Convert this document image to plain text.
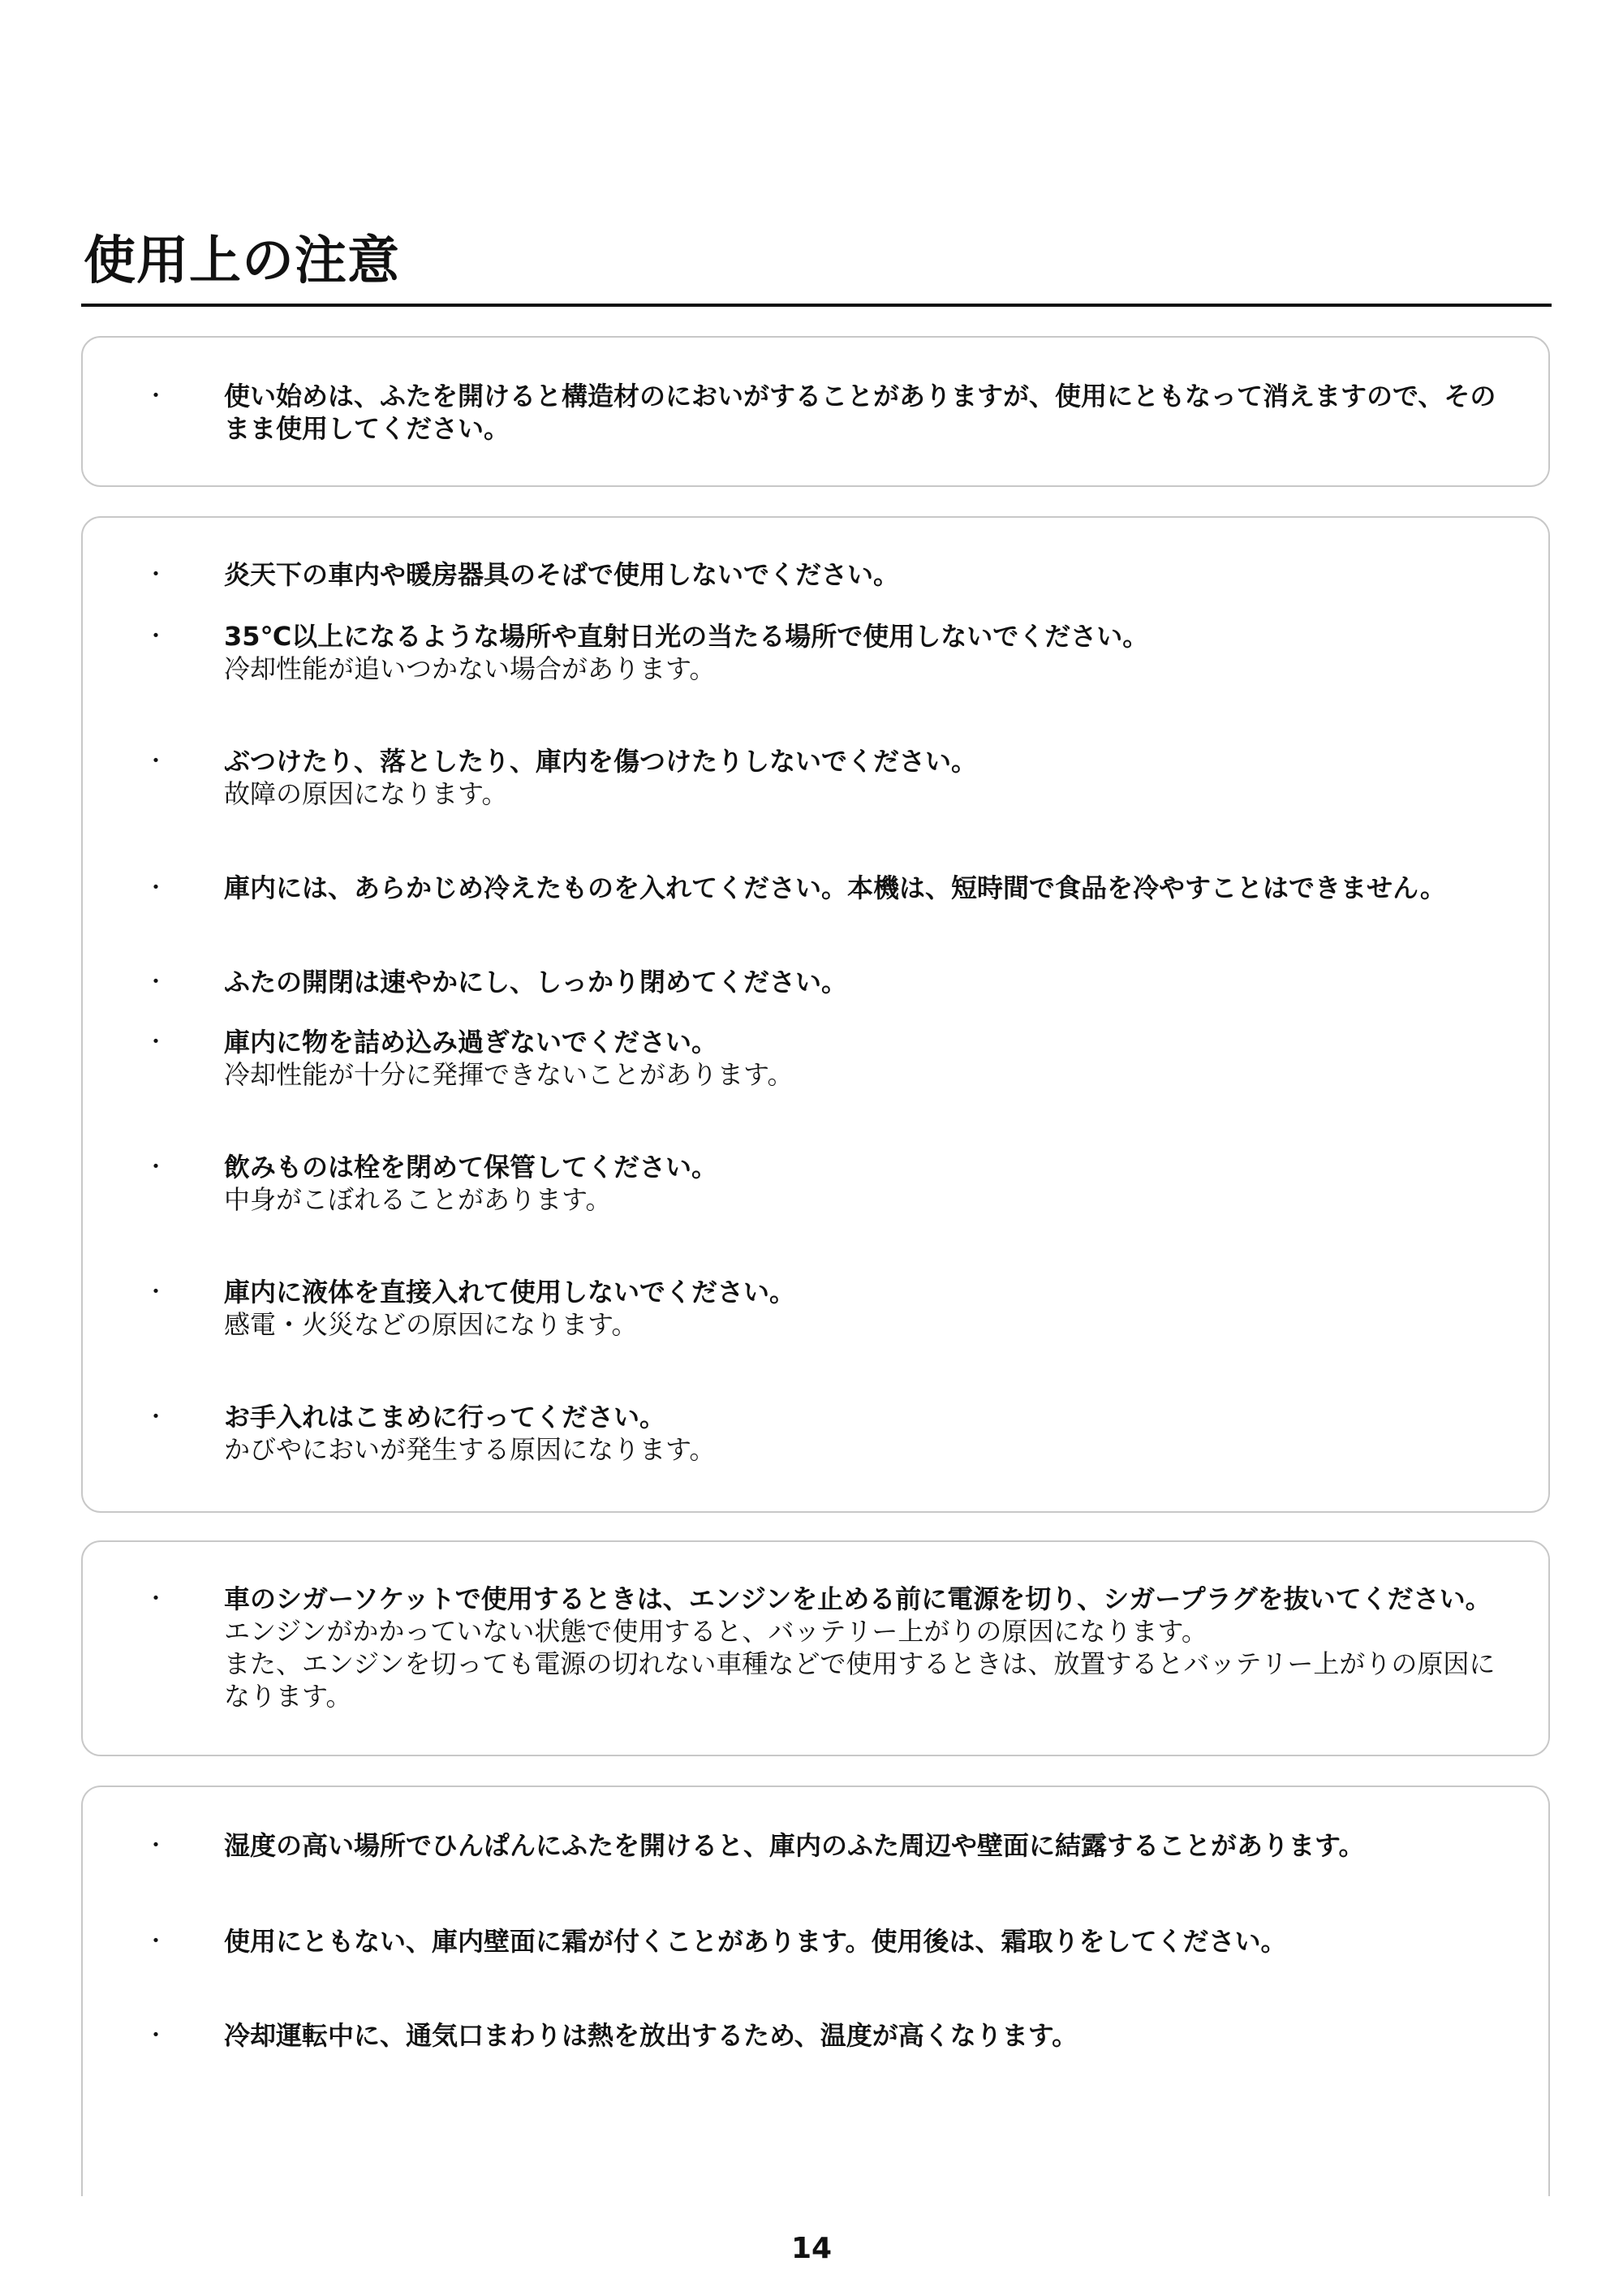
使用上の注意
・ 使い始めは、ふたを開けると構造材のにおいがすることがありますが、使用にともなって消えますので、そのまま使用してください。
・ 炎天下の車内や暖房器具のそばで使用しないでください。
・ 35℃以上になるような場所や直射日光の当たる場所で使用しないでください。
冷却性能が追いつかない場合があります。
・ ぶつけたり、落としたり、庫内を傷つけたりしないでください。
故障の原因になります。
・ 庫内には、あらかじめ冷えたものを入れてください。本機は、短時間で食品を冷やすことはできません。
・ ふたの開閉は速やかにし、しっかり閉めてください。
・ 庫内に物を詰め込み過ぎないでください。
冷却性能が十分に発揮できないことがあります。
・ 飲みものは栓を閉めて保管してください。
中身がこぼれることがあります。
・ 庫内に液体を直接入れて使用しないでください。
感電・火災などの原因になります。
・ お手入れはこまめに行ってください。
かびやにおいが発生する原因になります。
・ 車のシガーソケットで使用するときは、エンジンを止める前に電源を切り、シガープラグを抜いてください。
エンジンがかかっていない状態で使用すると、バッテリー上がりの原因になります。
また、エンジンを切っても電源の切れない車種などで使用するときは、放置するとバッテリー上がりの原因になります。
・ 湿度の高い場所でひんぱんにふたを開けると、庫内のふた周辺や壁面に結露することがあります。
・ 使用にともない、庫内壁面に霜が付くことがあります。使用後は、霜取りをしてください。
・ 冷却運転中に、通気口まわりは熱を放出するため、温度が高くなります。
14
